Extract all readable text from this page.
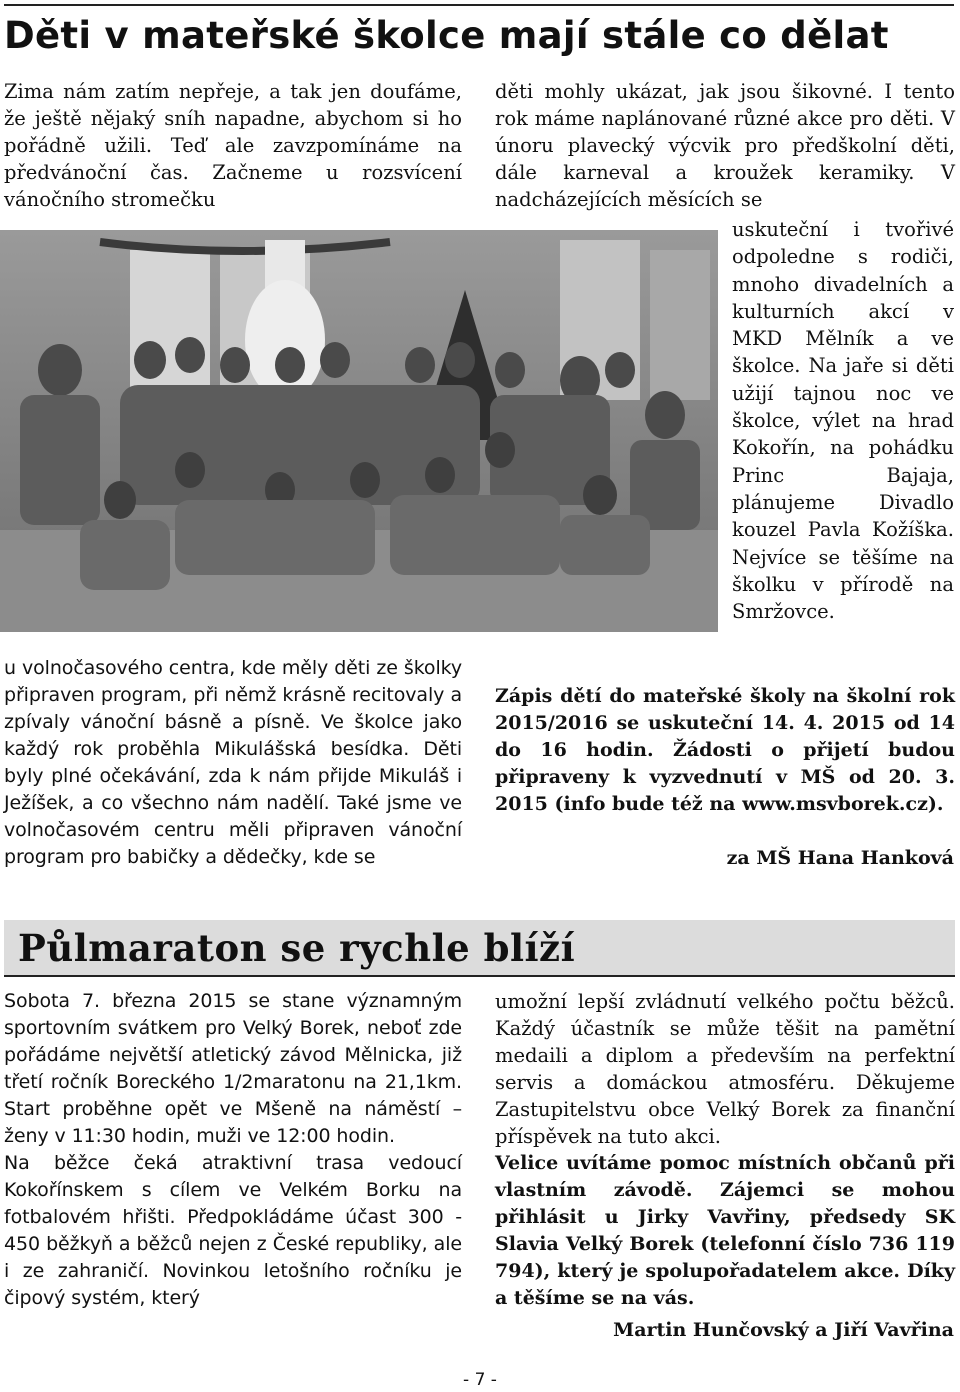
Děti v mateřské školce mají stále co dělat

Zima nám zatím nepřeje, a tak jen doufáme, že ještě nějaký sníh napadne, abychom si ho pořádně užili. Teď ale zavzpomínáme na předvánoční čas. Začneme u rozsvícení vánočního stromečku

děti mohly ukázat, jak jsou šikovné. I tento rok máme naplánované různé akce pro děti. V únoru plavecký výcvik pro předškolní děti, dále karneval a kroužek keramiky. V nadcházejících měsících se

uskuteční i tvořivé odpoledne s rodiči, mnoho divadelních a kulturních akcí v MKD Mělník a ve školce. Na jaře si děti užijí tajnou noc ve školce, výlet na hrad Kokořín, na pohádku Princ Bajaja, plánujeme Divadlo kouzel Pavla Kožíška. Nejvíce se těšíme na školku v přírodě na Smržovce.

u volnočasového centra, kde měly děti ze školky připraven program, při němž krásně recitovaly a zpívaly vánoční básně a písně. Ve školce jako každý rok proběhla Mikulášská besídka. Děti byly plné očekávání, zda k nám přijde Mikuláš i Ježíšek, a co všechno nám nadělí. Také jsme ve volnočasovém centru měli připraven vánoční program pro babičky a dědečky, kde se

Zápis dětí do mateřské školy na školní rok 2015/2016 se uskuteční 14. 4. 2015 od 14 do 16 hodin. Žádosti o přijetí budou připraveny k vyzvednutí v MŠ od 20. 3. 2015 (info bude též na www.msvborek.cz).

za MŠ Hana Hanková
Půlmaraton se rychle blíží

Sobota 7. března 2015 se stane významným sportovním svátkem pro Velký Borek, neboť zde pořádáme největší atletický závod Mělnicka, již třetí ročník Boreckého 1/2maratonu na 21,1km. Start proběhne opět ve Mšeně na náměstí – ženy v 11:30 hodin, muži ve 12:00 hodin.

Na běžce čeká atraktivní trasa vedoucí Kokořínskem s cílem ve Velkém Borku na fotbalovém hřišti. Předpokládáme účast 300 - 450 běžkyň a běžců nejen z České republiky, ale i ze zahraničí. Novinkou letošního ročníku je čipový systém, který

umožní lepší zvládnutí velkého počtu běžců. Každý účastník se může těšit na pamětní medaili a diplom a především na perfektní servis a domáckou atmosféru. Děkujeme Zastupitelstvu obce Velký Borek za finanční příspěvek na tuto akci.

Velice uvítáme pomoc místních občanů při vlastním závodě. Zájemci se mohou přihlásit u Jirky Vavřiny, předsedy SK Slavia Velký Borek (telefonní číslo 736 119 794), který je spolupořadatelem akce. Díky a těšíme se na vás.

Martin Hunčovský a Jiří Vavřina
- 7 -
